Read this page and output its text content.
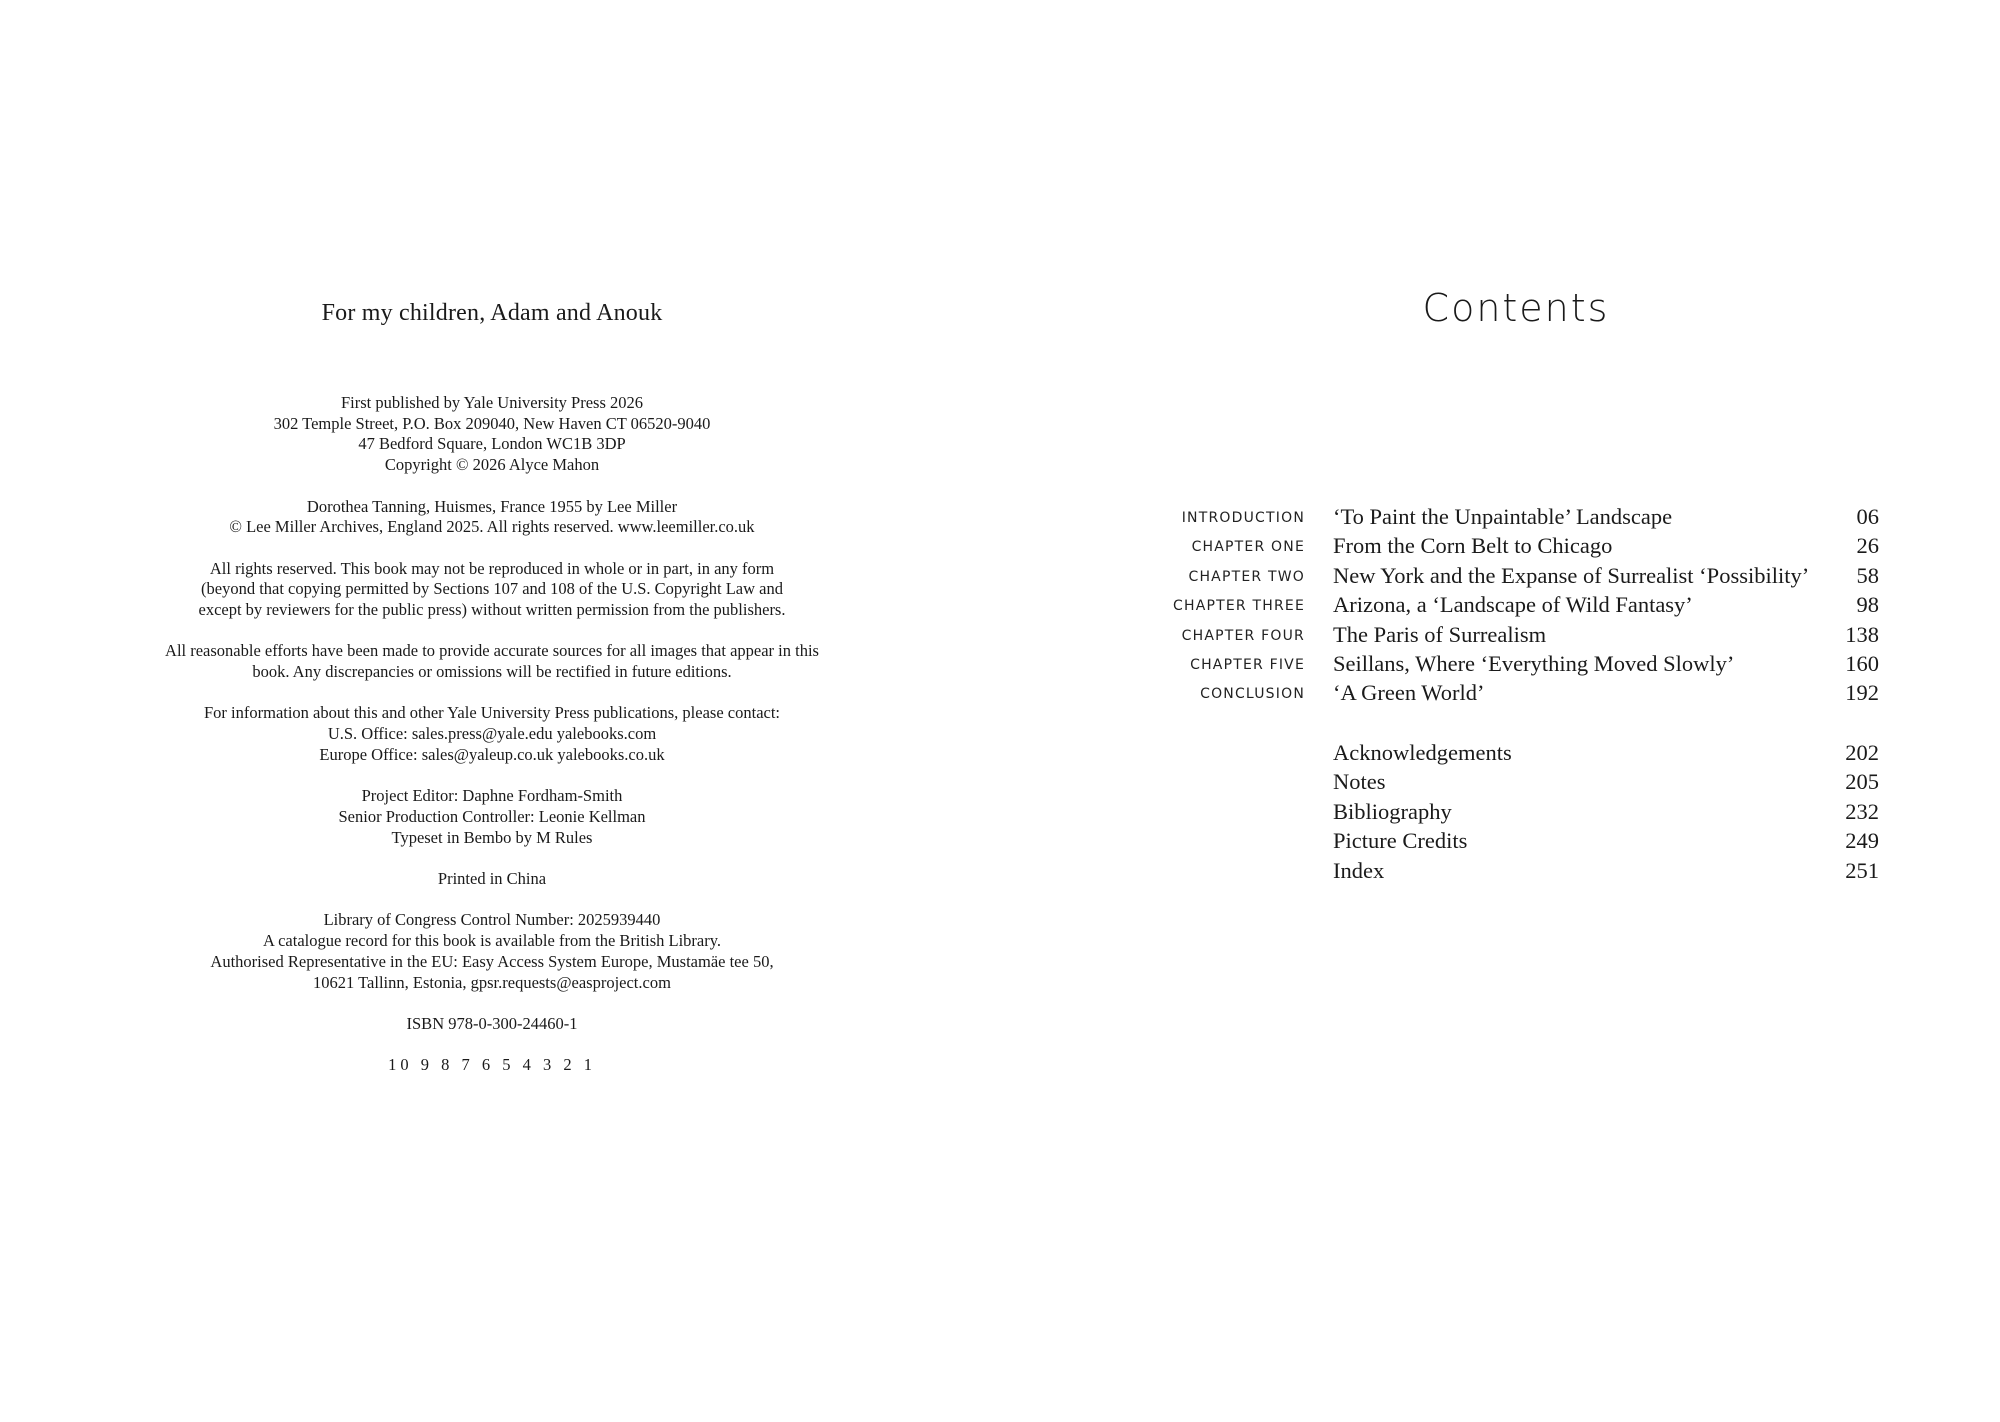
For my children, Adam and Anouk
First published by Yale University Press 2026
302 Temple Street, P.O. Box 209040, New Haven CT 06520-9040
47 Bedford Square, London WC1B 3DP
Copyright © 2026 Alyce Mahon
Dorothea Tanning, Huismes, France 1955 by Lee Miller
© Lee Miller Archives, England 2025. All rights reserved. www.leemiller.co.uk
All rights reserved. This book may not be reproduced in whole or in part, in any form
(beyond that copying permitted by Sections 107 and 108 of the U.S. Copyright Law and
except by reviewers for the public press) without written permission from the publishers.
All reasonable efforts have been made to provide accurate sources for all images that appear in this
book. Any discrepancies or omissions will be rectified in future editions.
For information about this and other Yale University Press publications, please contact:
U.S. Office: sales.press@yale.edu yalebooks.com
Europe Office: sales@yaleup.co.uk yalebooks.co.uk
Project Editor: Daphne Fordham-Smith
Senior Production Controller: Leonie Kellman
Typeset in Bembo by M Rules
Printed in China
Library of Congress Control Number: 2025939440
A catalogue record for this book is available from the British Library.
Authorised Representative in the EU: Easy Access System Europe, Mustamäe tee 50,
10621 Tallinn, Estonia, gpsr.requests@easproject.com
ISBN 978-0-300-24460-1
10 9 8 7 6 5 4 3 2 1
Contents
INTRODUCTION ‘To Paint the Unpaintable’ Landscape	06
CHAPTER ONE From the Corn Belt to Chicago	26
CHAPTER TWO New York and the Expanse of Surrealist ‘Possibility’ 58
CHAPTER THREE Arizona, a ‘Landscape of Wild Fantasy’	98
CHAPTER FOUR The Paris of Surrealism	138
CHAPTER FIVE Seillans, Where ‘Everything Moved Slowly’	160
CONCLUSION ‘A Green World’	192
Acknowledgements	202
Notes	205
Bibliography	232
Picture Credits	249
Index	251
